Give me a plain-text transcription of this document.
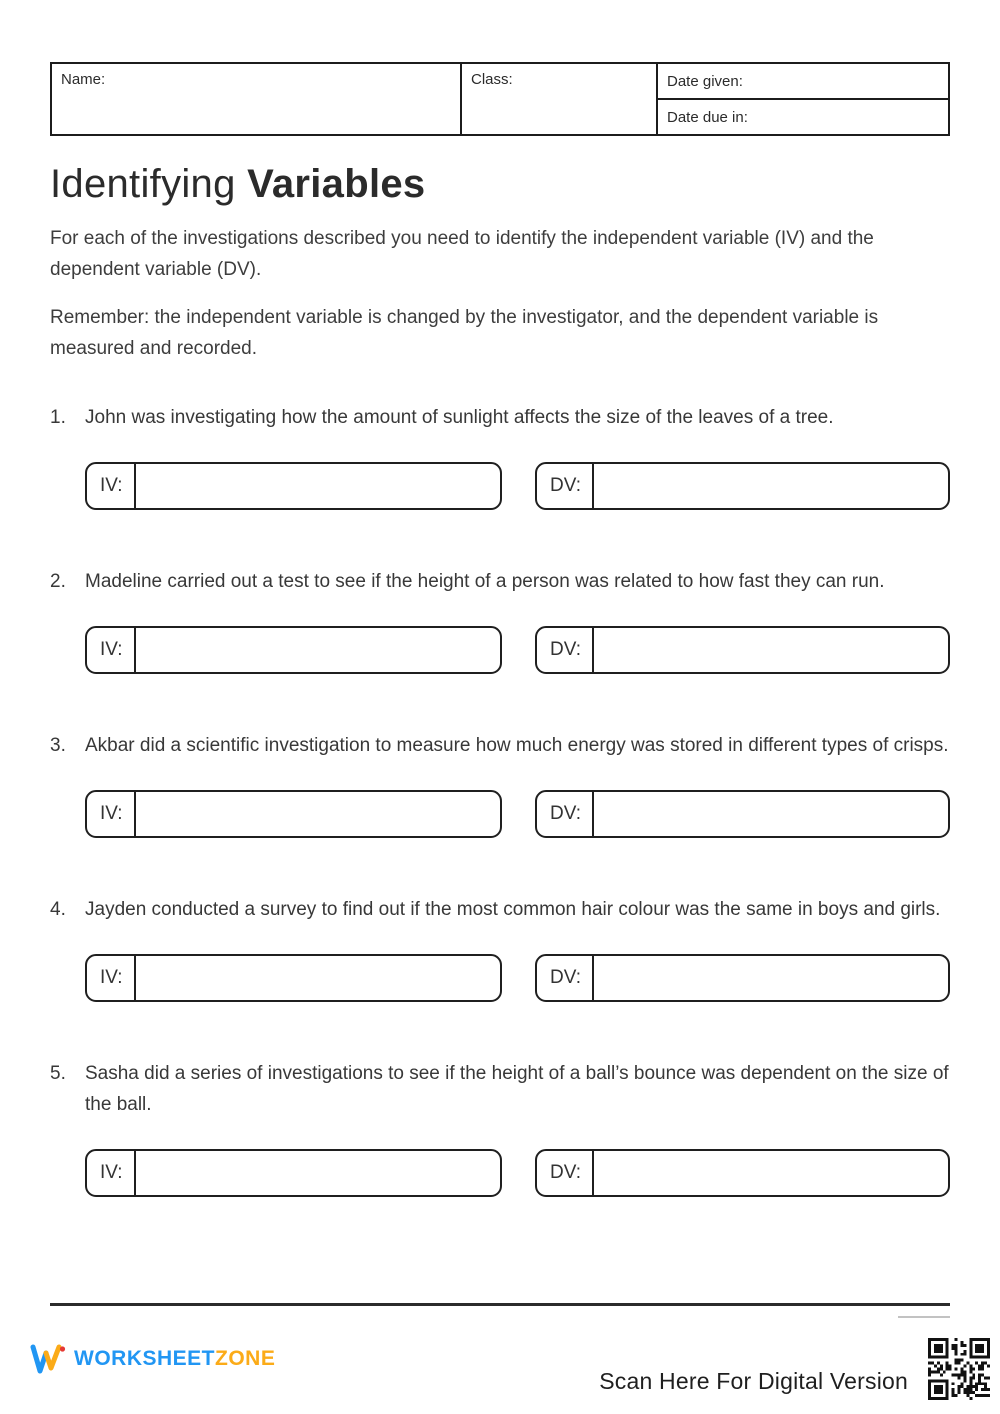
Name:	Class:	Date given:
Date due in:
Identifying Variables

For each of the investigations described you need to identify the independent variable (IV) and the dependent variable (DV).

Remember: the independent variable is changed by the investigator, and the dependent variable is measured and recorded.

1.	John was investigating how the amount of sunlight affects the size of the leaves of a tree.
IV:	DV:
2.	Madeline carried out a test to see if the height of a person was related to how fast they can run.
IV:	DV:
3.	Akbar did a scientific investigation to measure how much energy was stored in different types of crisps.
IV:	DV:
4.	Jayden conducted a survey to find out if the most common hair colour was the same in boys and girls.
IV:	DV:
5.	Sasha did a series of investigations to see if the height of a ball’s bounce was dependent on the size of the ball.
IV:	DV:
WORKSHEETZONE
Scan Here For Digital Version
